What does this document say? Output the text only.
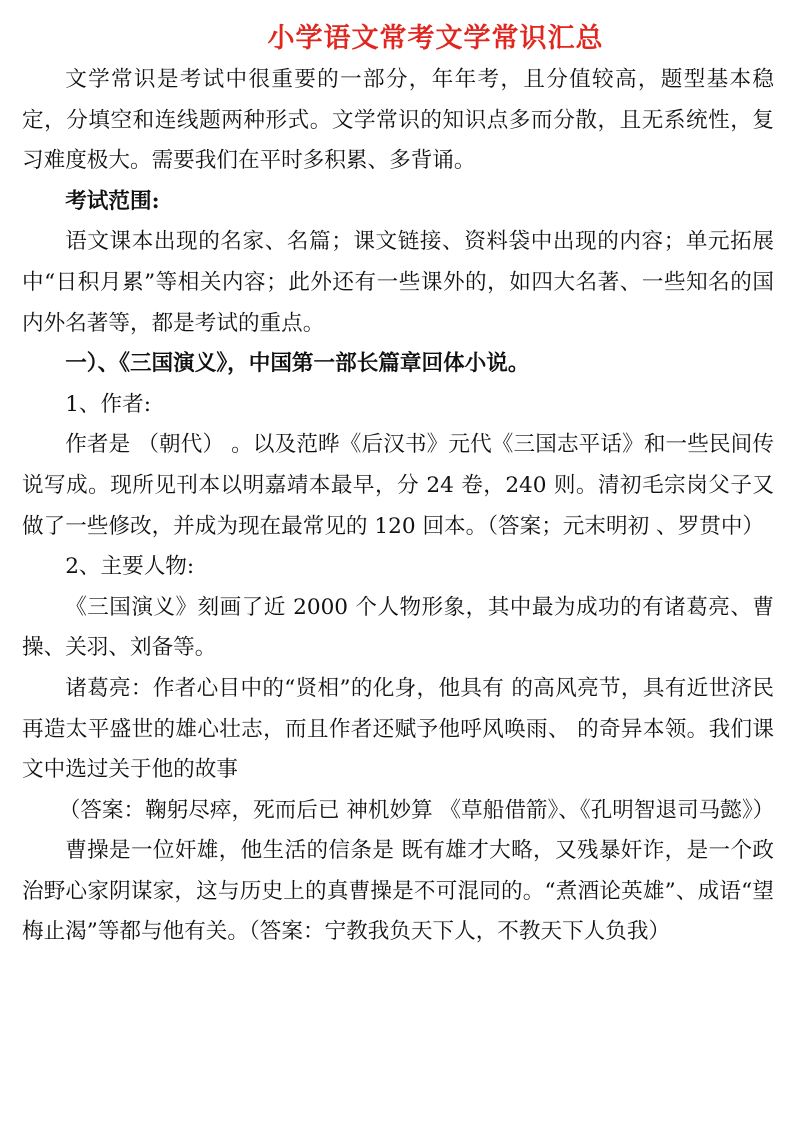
小学语文常考文学常识汇总

文学常识是考试中很重要的一部分，年年考，且分值较高，题型基本稳定，分填空和连线题两种形式。文学常识的知识点多而分散，且无系统性，复习难度极大。需要我们在平时多积累、多背诵。

考试范围:

语文课本出现的名家、名篇；课文链接、资料袋中出现的内容；单元拓展中“日积月累”等相关内容；此外还有一些课外的，如四大名著、一些知名的国内外名著等，都是考试的重点。

一）、《三国演义》，中国第一部长篇章回体小说。

1、作者:

作者是 （朝代） 。以及范晔《后汉书》元代《三国志平话》和一些民间传说写成。现所见刊本以明嘉靖本最早，分 24 卷，240 则。清初毛宗岗父子又做了一些修改，并成为现在最常见的 120 回本。（答案；元末明初 、罗贯中）

2、主要人物:

《三国演义》刻画了近 2000 个人物形象，其中最为成功的有诸葛亮、曹操、关羽、刘备等。

诸葛亮：作者心目中的“贤相”的化身，他具有 的高风亮节，具有近世济民再造太平盛世的雄心壮志，而且作者还赋予他呼风唤雨、 的奇异本领。我们课文中选过关于他的故事

（答案：鞠躬尽瘁，死而后已 神机妙算 《草船借箭》、《孔明智退司马懿》）

曹操是一位奸雄，他生活的信条是 既有雄才大略，又残暴奸诈，是一个政治野心家阴谋家，这与历史上的真曹操是不可混同的。“煮酒论英雄”、成语“望梅止渴”等都与他有关。（答案：宁教我负天下人，不教天下人负我）
